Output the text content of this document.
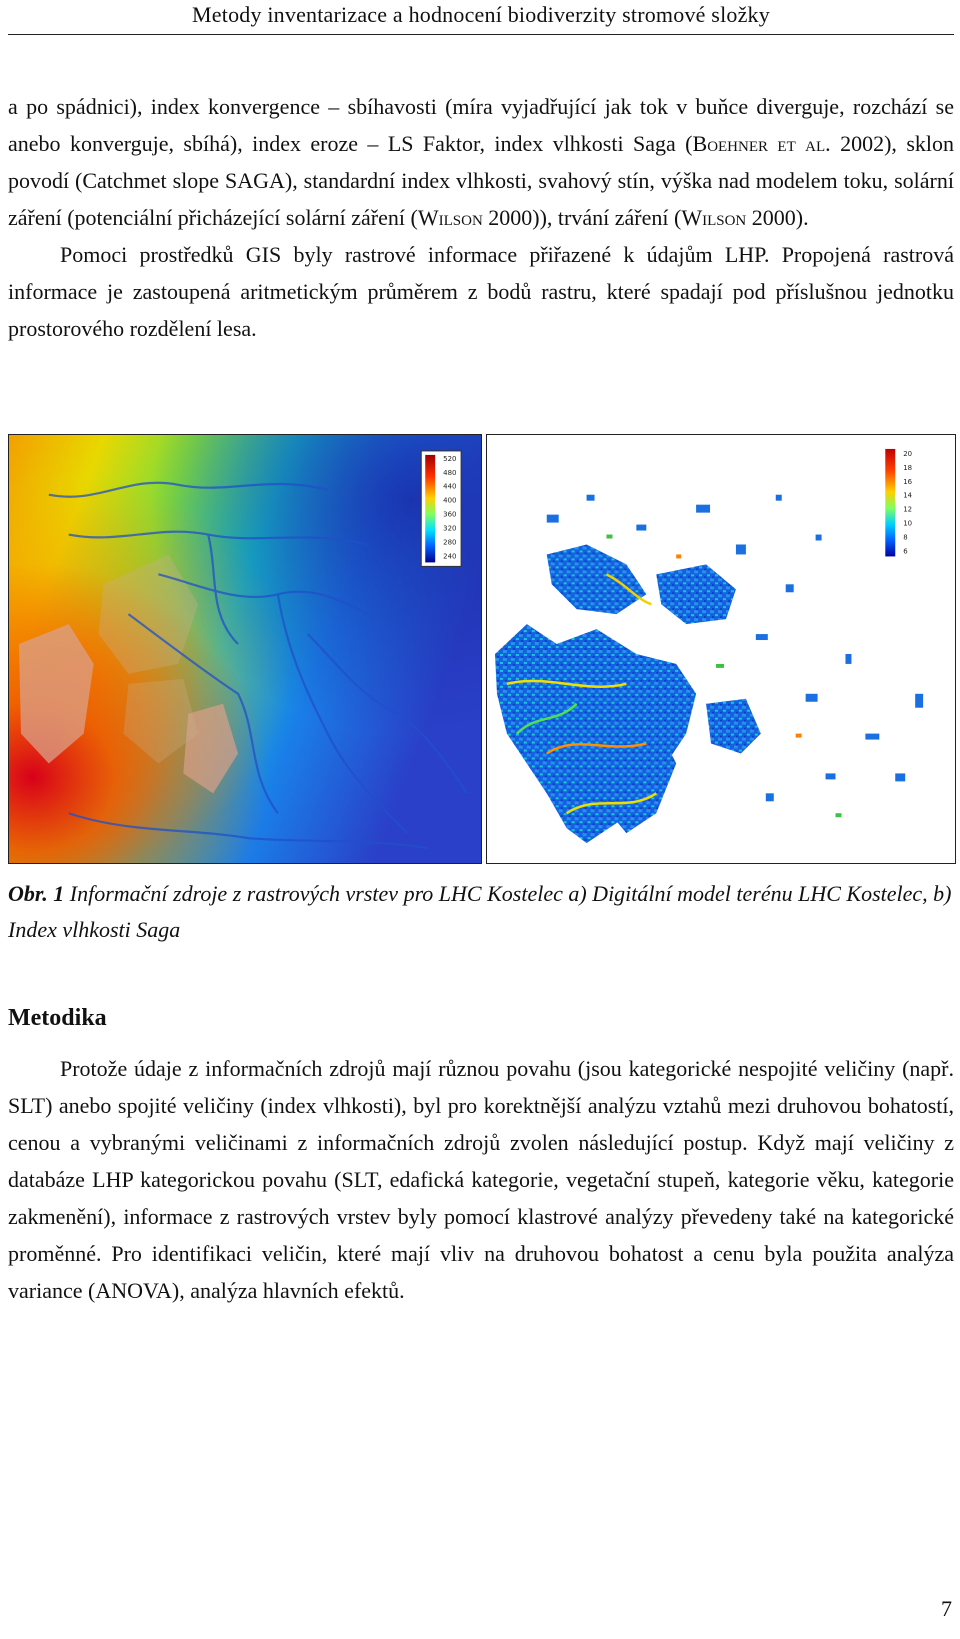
Metody inventarizace a hodnocení biodiverzity stromové složky

a po spádnici), index konvergence – sbíhavosti (míra vyjadřující jak tok v buňce diverguje, rozchází se anebo konverguje, sbíhá), index eroze – LS Faktor, index vlhkosti Saga (Boehner et al. 2002), sklon povodí (Catchmet slope SAGA), standardní index vlhkosti, svahový stín, výška nad modelem toku, solární záření (potenciální přicházející solární záření (Wilson 2000)), trvání záření (Wilson 2000).

Pomoci prostředků GIS byly rastrové informace přiřazené k údajům LHP. Propojená rastrová informace je zastoupená aritmetickým průměrem z bodů rastru, které spadají pod příslušnou jednotku prostorového rozdělení lesa.

520
480
440
400
360
320
280
240
20
18
16
14
12
10
8
6
Obr. 1 Informační zdroje z rastrových vrstev pro LHC Kostelec a) Digitální model terénu LHC Kostelec, b) Index vlhkosti Saga
Metodika

Protože údaje z informačních zdrojů mají různou povahu (jsou kategorické nespojité veličiny (např. SLT) anebo spojité veličiny (index vlhkosti), byl pro korektnější analýzu vztahů mezi druhovou bohatostí, cenou a vybranými veličinami z informačních zdrojů zvolen následující postup. Když mají veličiny z databáze LHP kategorickou povahu (SLT, edafická kategorie, vegetační stupeň, kategorie věku, kategorie zakmenění), informace z rastrových vrstev byly pomocí klastrové analýzy převedeny také na kategorické proměnné. Pro identifikaci veličin, které mají vliv na druhovou bohatost a cenu byla použita analýza variance (ANOVA), analýza hlavních efektů.

7
